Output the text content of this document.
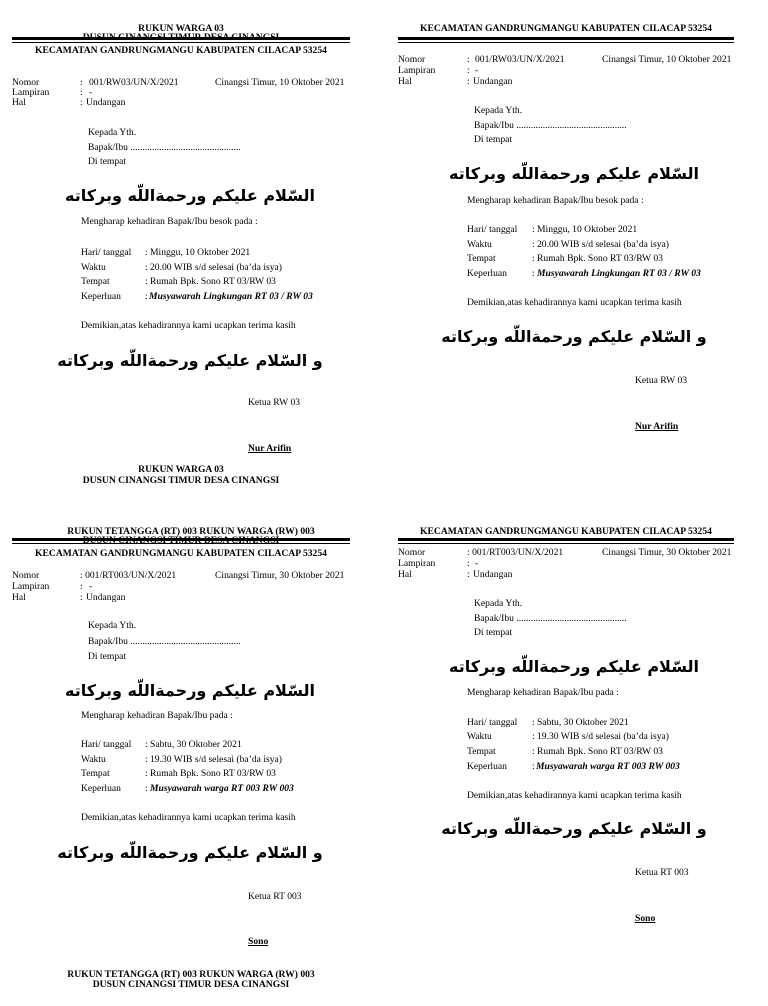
RUKUN WARGA 03
KECAMATAN GANDRUNGMANGU KABUPATEN CILACAP 53254
Nomor	: 001/RW03/UN/X/2021	Cinangsi Timur, 10 Oktober 2021
Lampiran	: -
Hal	: Undangan
Kepada Yth.
Bapak/Ibu ..............................................
Di tempat
السّلام عليكم ورحمةاللّه وبركاته
Mengharap kehadiran Bapak/Ibu besok pada :
Hari/ tanggal : Minggu, 10 Oktober 2021
Waktu	: 20.00 WIB s/d selesai (ba’da isya)
Tempat	: Rumah Bpk. Sono RT 03/RW 03
Keperluan	: Musyawarah Lingkungan RT 03 / RW 03
Demikian,atas kehadirannya kami ucapkan terima kasih
و السّلام عليكم ورحمةاللّه وبركاته
Ketua RW 03
Nur Arifin
RUKUN WARGA 03
DUSUN CINANGSI TIMUR DESA CINANGSI
KECAMATAN GANDRUNGMANGU KABUPATEN CILACAP 53254
Nomor	: 001/RW03/UN/X/2021	Cinangsi Timur, 10 Oktober 2021
Lampiran	: -
Hal	: Undangan
Kepada Yth.
Bapak/Ibu ..............................................
Di tempat
السّلام عليكم ورحمةاللّه وبركاته
Mengharap kehadiran Bapak/Ibu besok pada :
Hari/ tanggal : Minggu, 10 Oktober 2021
Waktu	: 20.00 WIB s/d selesai (ba’da isya)
Tempat	: Rumah Bpk. Sono RT 03/RW 03
Keperluan	: Musyawarah Lingkungan RT 03 / RW 03
Demikian,atas kehadirannya kami ucapkan terima kasih
و السّلام عليكم ورحمةاللّه وبركاته
Ketua RW 03
Nur Arifin
RUKUN TETANGGA (RT) 003 RUKUN WARGA (RW) 003
KECAMATAN GANDRUNGMANGU KABUPATEN CILACAP 53254
Nomor	: 001/RT003/UN/X/2021	Cinangsi Timur, 30 Oktober 2021
Lampiran	: -
Hal	: Undangan
Kepada Yth.
Bapak/Ibu ..............................................
Di tempat
السّلام عليكم ورحمةاللّه وبركاته
Mengharap kehadiran Bapak/Ibu pada :
Hari/ tanggal : Sabtu, 30 Oktober 2021
Waktu	: 19.30 WIB s/d selesai (ba’da isya)
Tempat	: Rumah Bpk. Sono RT 03/RW 03
Keperluan	: Musyawarah warga RT 003 RW 003
Demikian,atas kehadirannya kami ucapkan terima kasih
و السّلام عليكم ورحمةاللّه وبركاته
Ketua RT 003
Sono
RUKUN TETANGGA (RT) 003 RUKUN WARGA (RW) 003
DUSUN CINANGSI TIMUR DESA CINANGSI
KECAMATAN GANDRUNGMANGU KABUPATEN CILACAP 53254
Nomor	: 001/RT003/UN/X/2021	Cinangsi Timur, 30 Oktober 2021
Lampiran	: -
Hal	: Undangan
Kepada Yth.
Bapak/Ibu ..............................................
Di tempat
السّلام عليكم ورحمةاللّه وبركاته
Mengharap kehadiran Bapak/Ibu pada :
Hari/ tanggal : Sabtu, 30 Oktober 2021
Waktu	: 19.30 WIB s/d selesai (ba’da isya)
Tempat	: Rumah Bpk. Sono RT 03/RW 03
Keperluan	: Musyawarah warga RT 003 RW 003
Demikian,atas kehadirannya kami ucapkan terima kasih
و السّلام عليكم ورحمةاللّه وبركاته
Ketua RT 003
Sono
